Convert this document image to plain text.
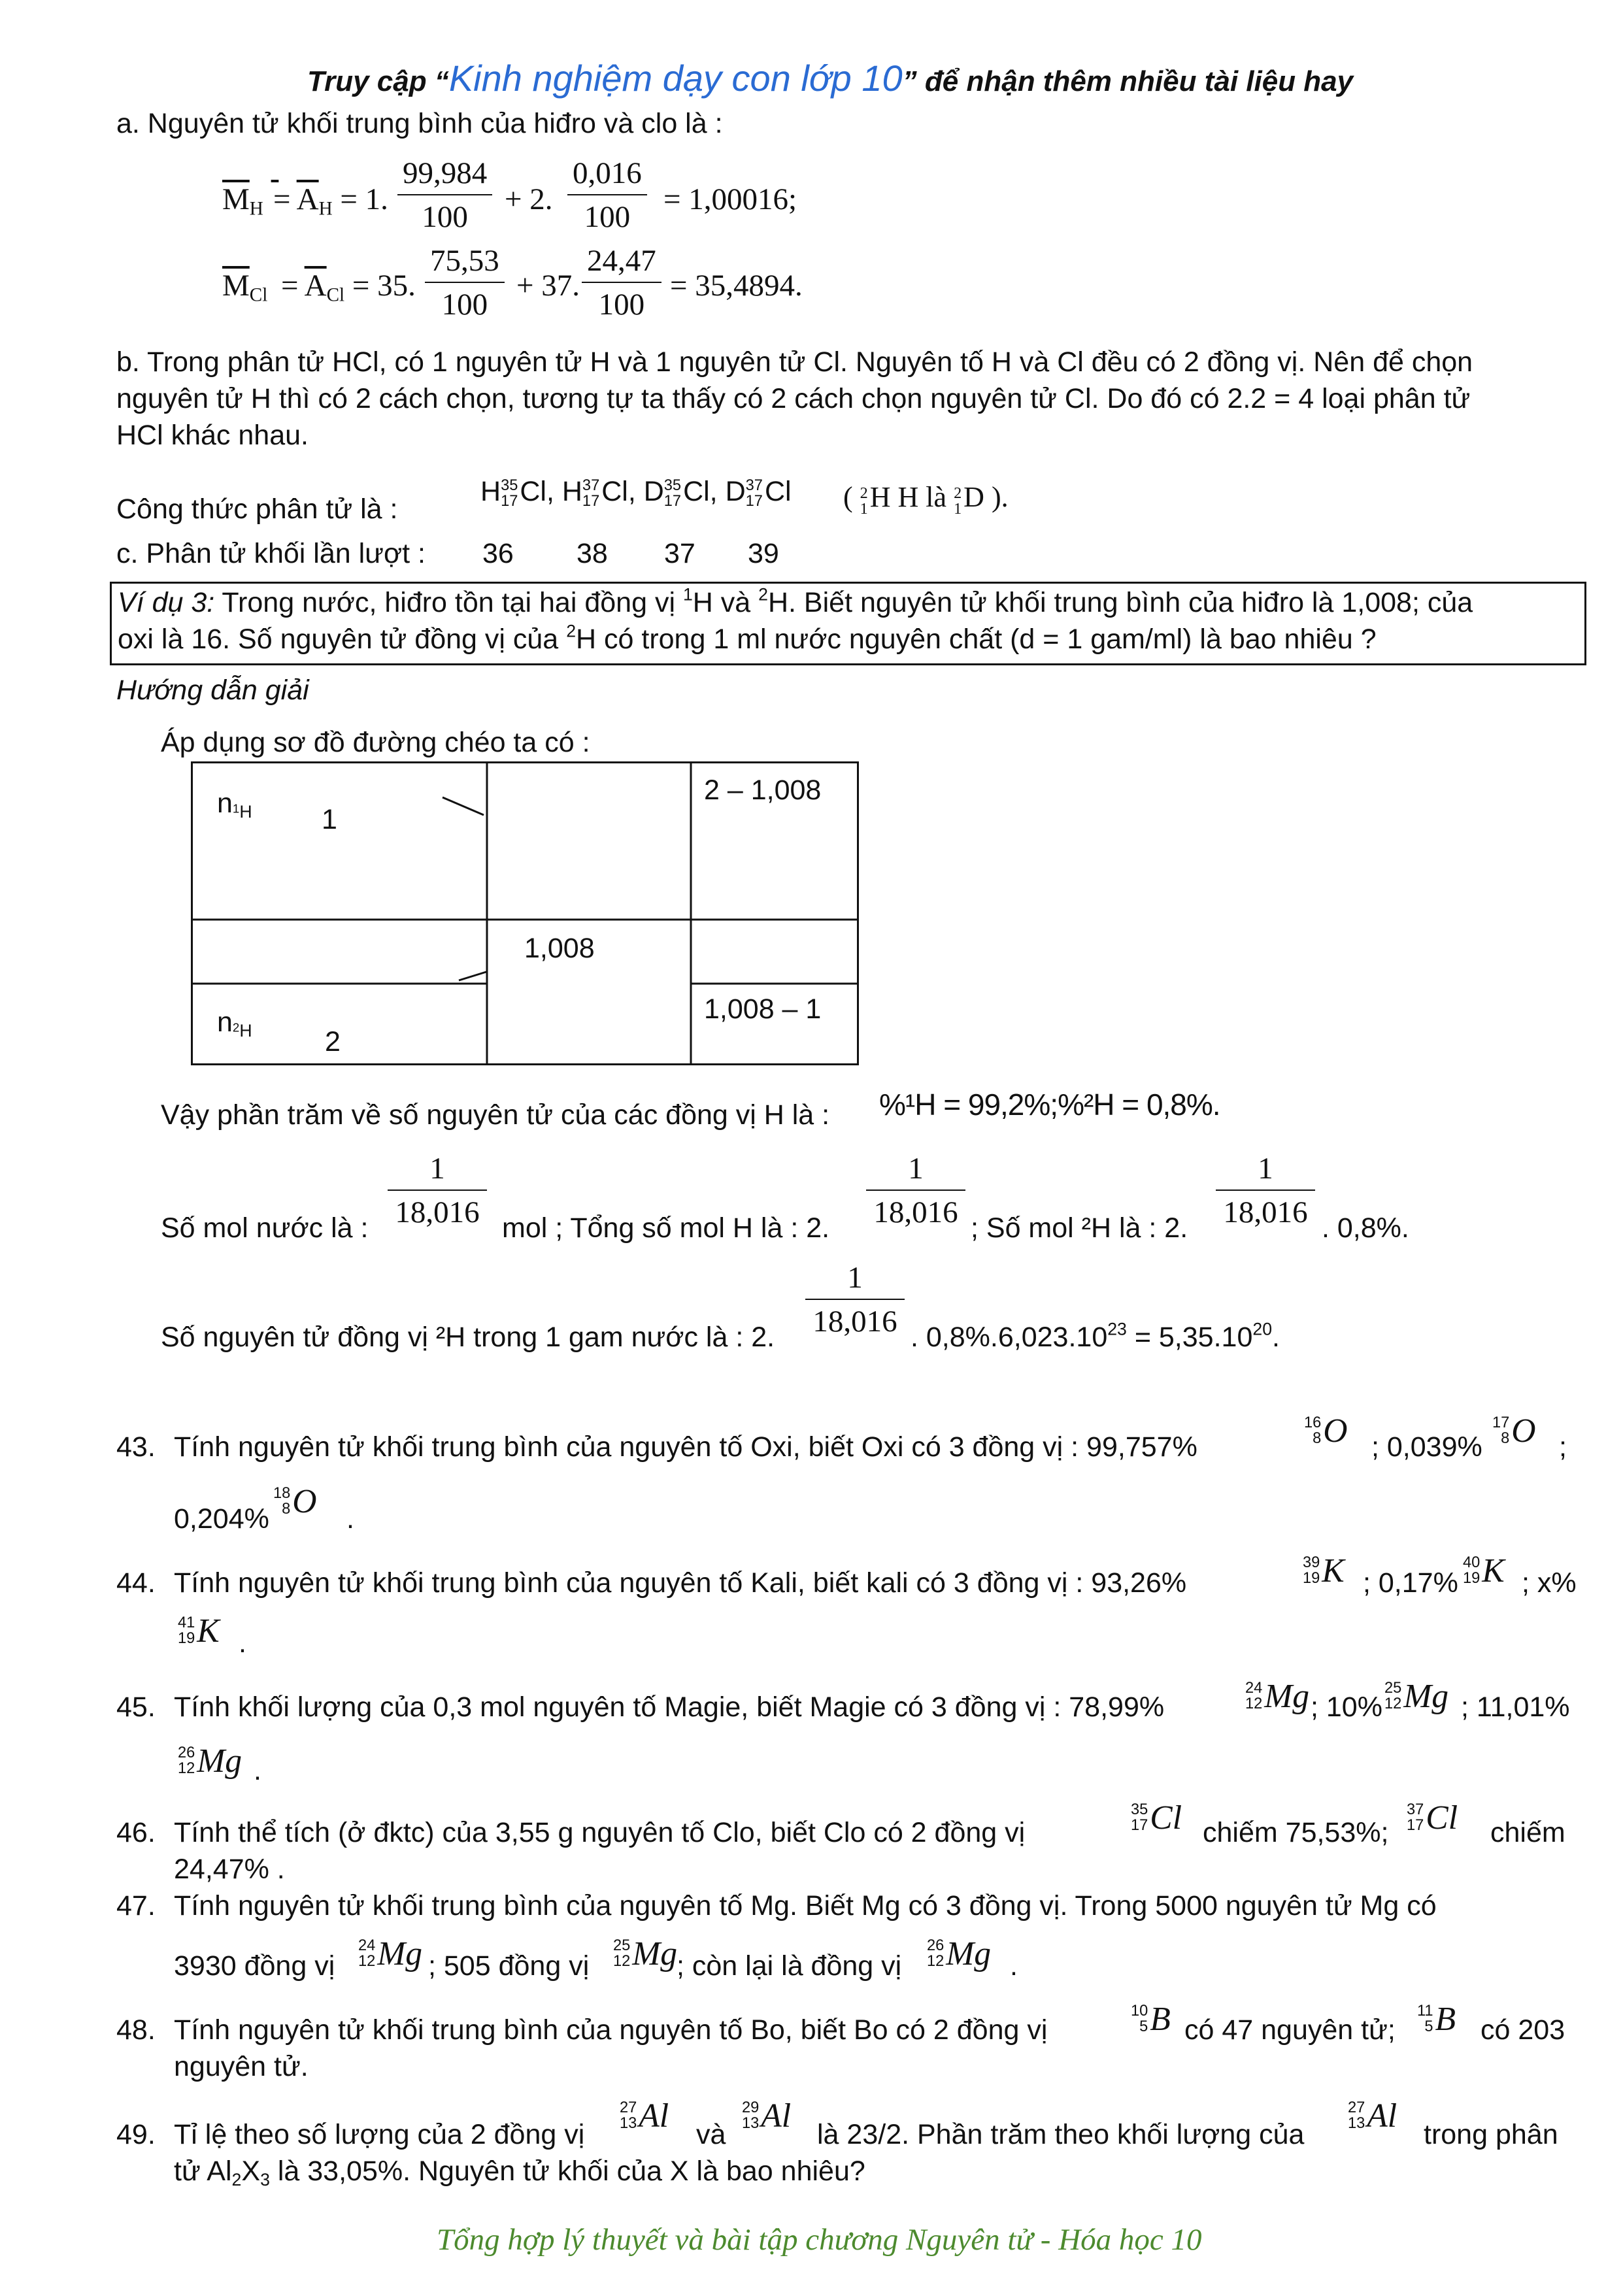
Truy cập “Kinh nghiệm dạy con lớp 10” để nhận thêm nhiều tài liệu hay
a. Nguyên tử khối trung bình của hiđro và clo là :
$\overline{M}_H = \overline{A}_H = 1$. $\frac{99,984}{100} + 2$. $\frac{0,016}{100} = 1,00016$;
$\overline{M}_{Cl} = \overline{A}_{Cl} = 35$. $\frac{75,53}{100} + 37$. $\frac{24,47}{100} = 35,4894$.
b. Trong phân tử HCl, có 1 nguyên tử H và 1 nguyên tử Cl. Nguyên tố H và Cl đều có 2 đồng vị. Nên để chọn
nguyên tử H thì có 2 cách chọn, tương tự ta thấy có 2 cách chọn nguyên tử Cl. Do đó có 2.2 = 4 loại phân tử
HCl khác nhau.
Công thức phân tử là :
H 35
17 Cl, H 37
17 Cl, D 35
17 Cl, D 37
17 Cl ( 2
1 H H là 2
1 D ).
c. Phân tử khối lần lượt : 36 38 37 39
Ví dụ 3: Trong nước, hiđro tồn tại hai đồng vị $^1$H và $^2$H. Biết nguyên tử khối trung bình của hiđro là 1,008; của
oxi là 16. Số nguyên tử đồng vị của $^2$H có trong 1 ml nước nguyên chất (d = 1 gam/ml) là bao nhiêu ?
Hướng dẫn giải
Áp dụng sơ đồ đường chéo ta có :
$n_{^1H}$ 1
2 – 1,008
1,008
$n_{^2H}$	2
1,008 – 1
Vậy phần trăm về số nguyên tử của các đồng vị H là : %¹H = 99,2%;%²H = 0,8%.
Số mol nước là : $\frac{1}{18,016}$ mol ; Tổng số mol H là : 2. $\frac{1}{18,016}$ ; Số mol ²H là : 2. $\frac{1}{18,016}$ . 0,8%.
Số nguyên tử đồng vị ²H trong 1 gam nước là : 2. $\frac{1}{18,016}$ . $0,8\%.6,023.10^{23} = 5,35.10^{20}$.
43. Tính nguyên tử khối trung bình của nguyên tố Oxi, biết Oxi có 3 đồng vị : 99,757%
16
8 O ; 0,039%
17
8 O ;
0,204%
18
8 O .
44. Tính nguyên tử khối trung bình của nguyên tố Kali, biết kali có 3 đồng vị : 93,26%
39
19 K ; 0,17%
40
19 K ; x%
41
19 K .
45. Tính khối lượng của 0,3 mol nguyên tố Magie, biết Magie có 3 đồng vị : 78,99%
24
12 Mg ; 10%
25
12 Mg ; 11,01%
26
12 Mg .
46. Tính thể tích (ở đktc) của 3,55 g nguyên tố Clo, biết Clo có 2 đồng vị
35
17 Cl chiếm 75,53%;
37
17 Cl chiếm
24,47% .
47. Tính nguyên tử khối trung bình của nguyên tố Mg. Biết Mg có 3 đồng vị. Trong 5000 nguyên tử Mg có
3930 đồng vị
24
12 Mg ; 505 đồng vị
25
12 Mg
; còn lại là đồng vị
26
12 Mg .
48. Tính nguyên tử khối trung bình của nguyên tố Bo, biết Bo có 2 đồng vị
10
5 B có 47 nguyên tử;
11
5 B có 203
nguyên tử.
49. Tỉ lệ theo số lượng của 2 đồng vị
27
13 Al và
29
13 Al là 23/2. Phần trăm theo khối lượng của
27
13 Al trong phân
tử $Al_2X_3$ là 33,05%. Nguyên tử khối của X là bao nhiêu?
Tổng hợp lý thuyết và bài tập chương Nguyên tử - Hóa học 10
